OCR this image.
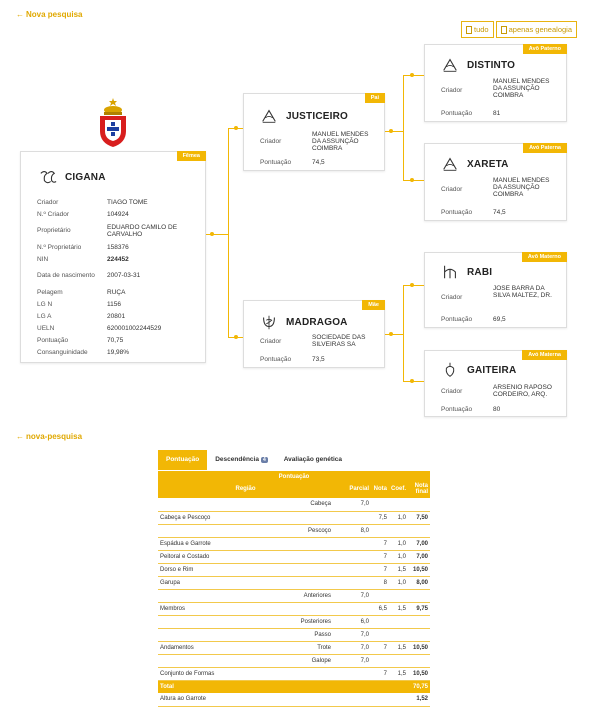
← Nova pesquisa
tudo	apenas genealogia
Fêmea
CIGANA
Criador	TIAGO TOME
N.º Criador	104924
Proprietário	EDUARDO CAMILO DE CARVALHO
N.º Proprietário	158376
NIN	224452
Data de nascimento	2007-03-31
Pelagem	RUÇA
LG N	1156
LG A	20801
UELN	620001002244529
Pontuação	70,75
Consanguinidade	19,98%
Pai
JUSTICEIRO
Criador
MANUEL MENDES DA ASSUNÇÃO COIMBRA
Pontuação	74,5
Mãe
MADRAGOA
Criador
SOCIEDADE DAS SILVEIRAS SA
Pontuação	73,5
Avô Paterno
DISTINTO
Criador
MANUEL MENDES DA ASSUNÇÃO COIMBRA
Pontuação	81
Avó Paterna
XARETA
Criador
MANUEL MENDES DA ASSUNÇÃO COIMBRA
Pontuação	74,5
Avô Materno
RABI
Criador
JOSE BARRA DA SILVA MALTEZ, DR.
Pontuação	69,5
Avó Materna
GAITEIRA
Criador
ARSENIO RAPOSO CORDEIRO, ARQ.
Pontuação	80
← nova-pesquisa
Pontuação	Descendência 4	Avaliação genética
Pontuação					
Região		Parcial	Nota	Coef.	Nota final
	Cabeça	7,0			
Cabeça e Pescoço			7,5	1,0	7,50
	Pescoço	8,0			
Espádua e Garrote			7	1,0	7,00
Peitoral e Costado			7	1,0	7,00
Dorso e Rim			7	1,5	10,50
Garupa			8	1,0	8,00
	Anteriores	7,0			
Membros			6,5	1,5	9,75
	Posteriores	6,0			
	Passo	7,0			
Andamentos	Trote	7,0	7	1,5	10,50
	Galope	7,0			
Conjunto de Formas			7	1,5	10,50
Total					70,75
Altura ao Garrote					1,52
